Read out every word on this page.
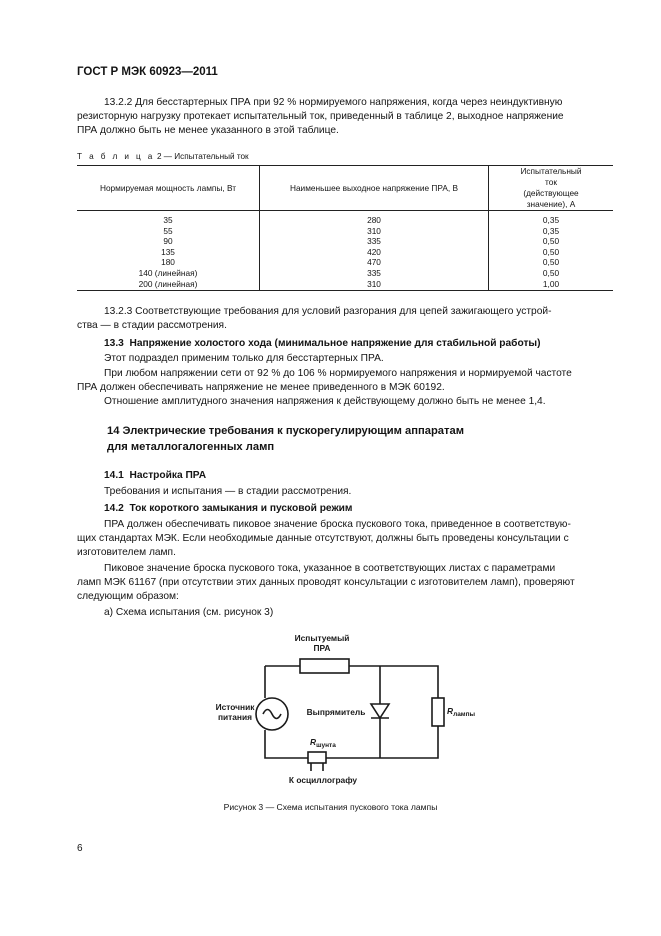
ГОСТ Р МЭК 60923—2011
13.2.2 Для бесстартерных ПРА при 92 % нормируемого напряжения, когда через неиндуктивную
резисторную нагрузку протекает испытательный ток, приведенный в таблице 2, выходное напряжение
ПРА должно быть не менее указанного в этой таблице.
Т а б л и ц а 2 — Испытательный ток
Нормируемая мощность лампы, Вт	Наименьшее выходное напряжение ПРА, В	Испытательный ток (действующее значение), А
35	280	0,35
55	310	0,35
90	335	0,50
135	420	0,50
180	470	0,50
140 (линейная)	335	0,50
200 (линейная)	310	1,00
13.2.3 Соответствующие требования для условий разгорания для цепей зажигающего устрой-
ства — в стадии рассмотрения.
13.3 Напряжение холостого хода (минимальное напряжение для стабильной работы)
Этот подраздел применим только для бесстартерных ПРА.
При любом напряжении сети от 92 % до 106 % нормируемого напряжения и нормируемой частоте
ПРА должен обеспечивать напряжение не менее приведенного в МЭК 60192.
Отношение амплитудного значения напряжения к действующему должно быть не менее 1,4.
14 Электрические требования к пускорегулирующим аппаратам
для металлогалогенных ламп
14.1 Настройка ПРА
Требования и испытания — в стадии рассмотрения.
14.2 Ток короткого замыкания и пусковой режим
ПРА должен обеспечивать пиковое значение броска пускового тока, приведенное в соответствую-
щих стандартах МЭК. Если необходимые данные отсутствуют, должны быть проведены консультации с
изготовителем ламп.
Пиковое значение броска пускового тока, указанное в соответствующих листах с параметрами
ламп МЭК 61167 (при отсутствии этих данных проводят консультации с изготовителем ламп), проверяют
следующим образом:
а) Схема испытания (см. рисунок 3)
Испытуемый
ПРА
Источник
питания	Выпрямитель	$R_{лампы}$
$R_{шунта}$
К осциллографу
Рисунок 3 — Схема испытания пускового тока лампы
6
